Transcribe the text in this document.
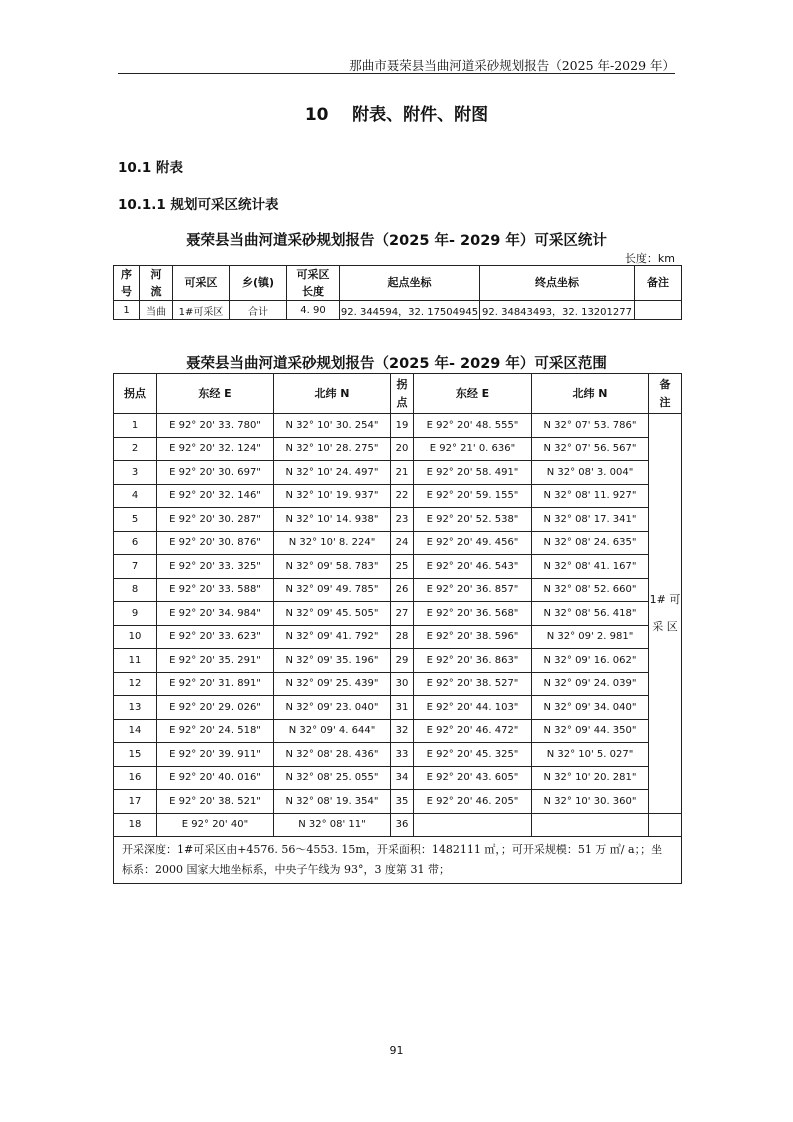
那曲市聂荣县当曲河道采砂规划报告（2025 年-2029 年）
10    附表、附件、附图
10.1 附表
10.1.1 规划可采区统计表
聂荣县当曲河道采砂规划报告（2025 年- 2029 年）可采区统计
长度：km
序号	河流	可采区	乡(镇)	可采区长度	起点坐标	终点坐标	备注
1	当曲	1#可采区	合计	4. 90	92. 344594，32. 17504945	92. 34843493，32. 13201277	
聂荣县当曲河道采砂规划报告（2025 年- 2029 年）可采区范围
拐点	东经 E	北纬 N	拐点	东经 E	北纬 N	备注
1	E 92° 20' 33. 780"	N 32° 10' 30. 254"	19	E 92° 20' 48. 555"	N 32° 07' 53. 786"	1# 可 采 区
2	E 92° 20' 32. 124"	N 32° 10' 28. 275"	20	E 92° 21' 0. 636"	N 32° 07' 56. 567"	
3	E 92° 20' 30. 697"	N 32° 10' 24. 497"	21	E 92° 20' 58. 491"	N 32° 08' 3. 004"	
4	E 92° 20' 32. 146"	N 32° 10' 19. 937"	22	E 92° 20' 59. 155"	N 32° 08' 11. 927"	
5	E 92° 20' 30. 287"	N 32° 10' 14. 938"	23	E 92° 20' 52. 538"	N 32° 08' 17. 341"	
6	E 92° 20' 30. 876"	N 32° 10' 8. 224"	24	E 92° 20' 49. 456"	N 32° 08' 24. 635"	
7	E 92° 20' 33. 325"	N 32° 09' 58. 783"	25	E 92° 20' 46. 543"	N 32° 08' 41. 167"	
8	E 92° 20' 33. 588"	N 32° 09' 49. 785"	26	E 92° 20' 36. 857"	N 32° 08' 52. 660"	
9	E 92° 20' 34. 984"	N 32° 09' 45. 505"	27	E 92° 20' 36. 568"	N 32° 08' 56. 418"	
10	E 92° 20' 33. 623"	N 32° 09' 41. 792"	28	E 92° 20' 38. 596"	N 32° 09' 2. 981"	
11	E 92° 20' 35. 291"	N 32° 09' 35. 196"	29	E 92° 20' 36. 863"	N 32° 09' 16. 062"	
12	E 92° 20' 31. 891"	N 32° 09' 25. 439"	30	E 92° 20' 38. 527"	N 32° 09' 24. 039"	
13	E 92° 20' 29. 026"	N 32° 09' 23. 040"	31	E 92° 20' 44. 103"	N 32° 09' 34. 040"	
14	E 92° 20' 24. 518"	N 32° 09' 4. 644"	32	E 92° 20' 46. 472"	N 32° 09' 44. 350"	
15	E 92° 20' 39. 911"	N 32° 08' 28. 436"	33	E 92° 20' 45. 325"	N 32° 10' 5. 027"	
16	E 92° 20' 40. 016"	N 32° 08' 25. 055"	34	E 92° 20' 43. 605"	N 32° 10' 20. 281"	
17	E 92° 20' 38. 521"	N 32° 08' 19. 354"	35	E 92° 20' 46. 205"	N 32° 10' 30. 360"	
18	E 92° 20' 40"	N 32° 08' 11"	36			
开采深度：1#可采区由+4576. 56～4553. 15m，开采面积：1482111 ㎡，；可开采规模：51 万 ㎥/ a；；坐标系：2000 国家大地坐标系，中央子午线为 93°，3 度第 31 带；						
91
